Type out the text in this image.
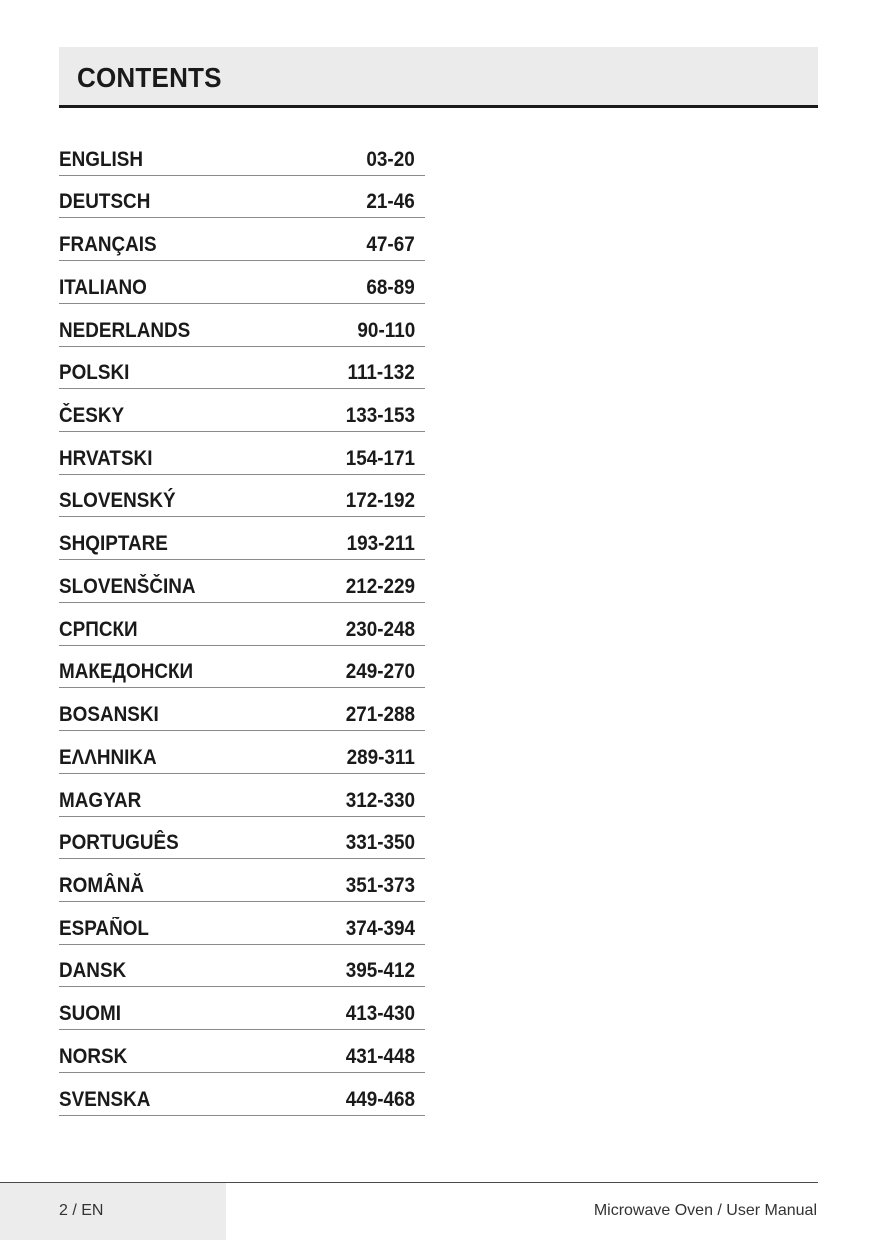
CONTENTS
ENGLISH	03-20
DEUTSCH	21-46
FRANÇAIS	47-67
ITALIANO	68-89
NEDERLANDS	90-110
POLSKI	111-132
ČESKY	133-153
HRVATSKI	154-171
SLOVENSKÝ	172-192
SHQIPTARE	193-211
SLOVENŠČINA	212-229
СРПСКИ	230-248
МАКЕДОНСКИ	249-270
BOSANSKI	271-288
ΕΛΛΗΝΙΚΑ	289-311
MAGYAR	312-330
PORTUGUÊS	331-350
ROMÂNĂ	351-373
ESPAÑOL	374-394
DANSK	395-412
SUOMI	413-430
NORSK	431-448
SVENSKA	449-468
2 / EN	Microwave Oven / User Manual
